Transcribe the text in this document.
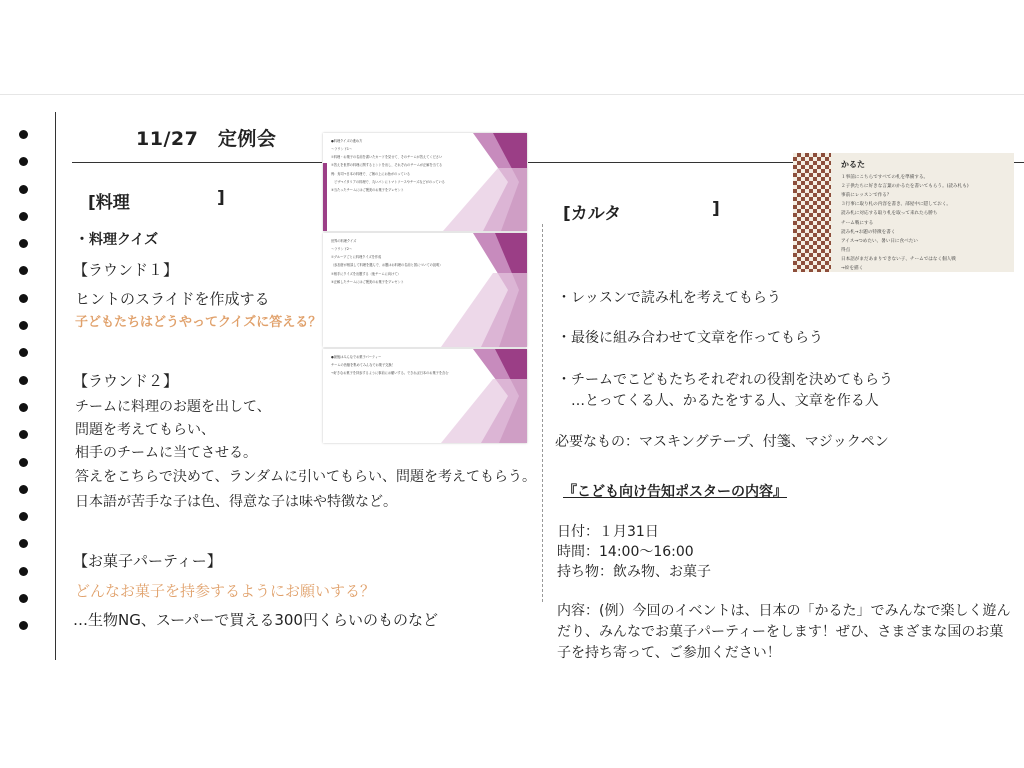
11/27　定例会
[料理	]
・料理クイズ
【ラウンド１】
ヒントのスライドを作成する
子どもたちはどうやってクイズに答える？
【ラウンド２】
チームに料理のお題を出して、
問題を考えてもらい、
相手のチームに当てさせる。
答えをこちらで決めて、ランダムに引いてもらい、問題を考えてもらう。
日本語が苦手な子は色、得意な子は味や特徴など。
【お菓子パーティー】
どんなお菓子を持参するようにお願いする？
…生物NG、スーパーで買える300円くらいのものなど

●料理クイズの進め方

〜ラウンド1〜

①料理・お菓子の名前を書いたカードを見せて、そのチームが答えてください

②答えを世界の料理に関するヒントを出し、それぞれのチームが正解を当てる

例：寿司→日本の料理で、ご飯の上にお魚がのっている

　ピザ→イタリアの料理で、丸いパンにトマトソースやチーズなどがのっている

③当たったチームにはご褒美のお菓子をプレゼント

世界の料理クイズ

〜ラウンド2〜

①グループごとに料理クイズを作成

（参加者が相談して料理を選んで、お題はお料理の名前と国についての説明）

②相手にクイズを出題する（他チームに向けて）

③正解したチームにはご褒美のお菓子をプレゼント

●最後はみんなでお菓子パーティー

チームの皆様を集めてみんなでお菓子交換！

→好きなお菓子を持参するように事前にお願いする。できれば日本のお菓子を含む

かるた

１事前にこちらですべての札を準備する。

２子供たちに好きな言葉のかるたを書いてもらう。(読み札も)

事前にレッスンで作る？

３行事に取り札の内容を書き、部屋中に隠しておく。

読み札に対応する取り札を取って来れたら勝ち

チーム戦にする

読み札→お題の特徴を書く

アイス→つめたい、暑い日に食べたい

得点

日本語がまだあまりできない子、チームではなく個人戦

→絵を描く

[カルタ	]
・レッスンで読み札を考えてもらう
・最後に組み合わせて文章を作ってもらう
・チームでこどもたちそれぞれの役割を決めてもらう
　…とってくる人、かるたをする人、文章を作る人
必要なもの：マスキングテープ、付箋、マジックペン
『こども向け告知ポスターの内容』
日付：１月31日
時間：14:00〜16:00
持ち物：飲み物、お菓子
内容：(例）今回のイベントは、日本の「かるた」でみんなで楽しく遊ん
だり、みんなでお菓子パーティーをします！ぜひ、さまざまな国のお菓
子を持ち寄って、ご参加ください！
